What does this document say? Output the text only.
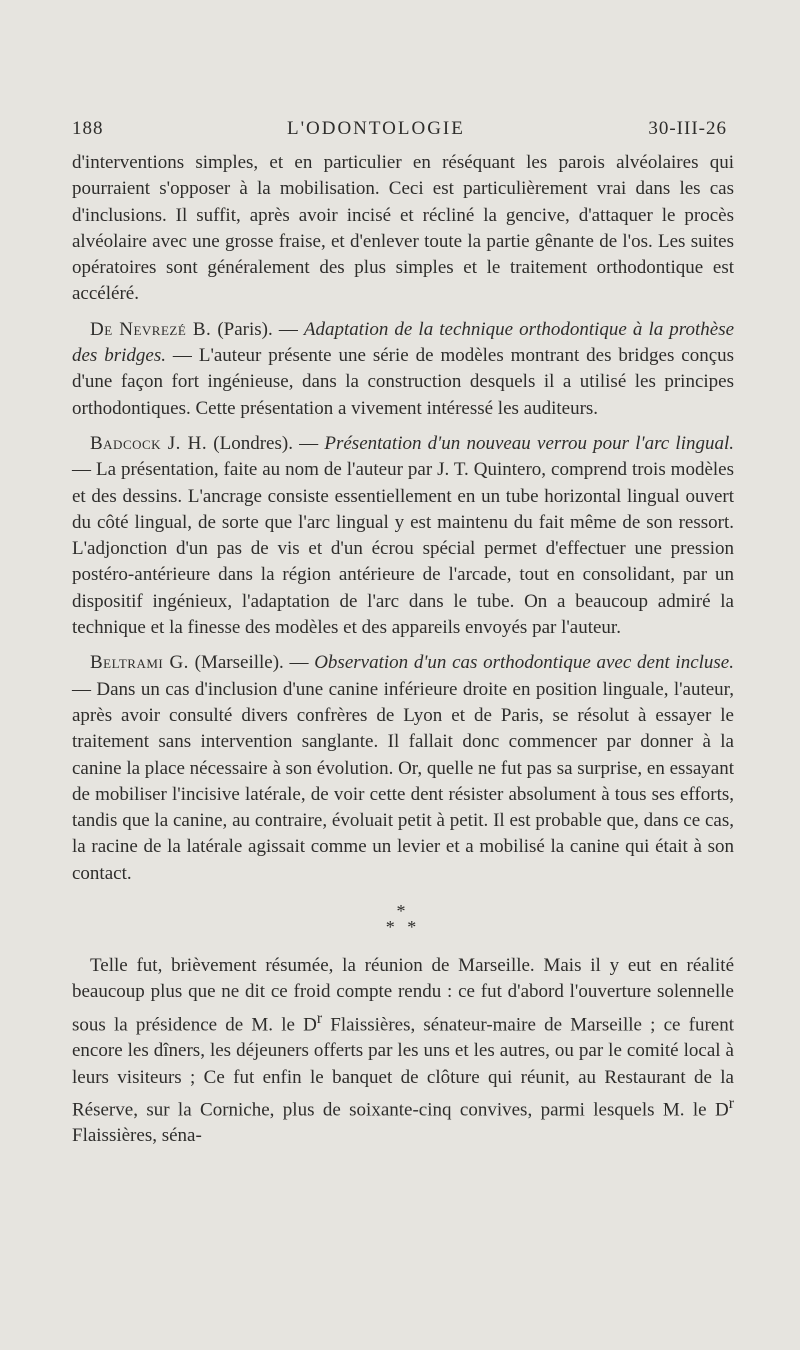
188	L'ODONTOLOGIE	30-III-26

d'interventions simples, et en particulier en réséquant les parois alvéolaires qui pourraient s'opposer à la mobilisation. Ceci est particulièrement vrai dans les cas d'inclusions. Il suffit, après avoir incisé et récliné la gencive, d'attaquer le procès alvéolaire avec une grosse fraise, et d'enlever toute la partie gênante de l'os. Les suites opératoires sont généralement des plus simples et le traitement orthodontique est accéléré.

De Nevrezé B. (Paris). — Adaptation de la technique orthodontique à la prothèse des bridges. — L'auteur présente une série de modèles montrant des bridges conçus d'une façon fort ingénieuse, dans la construction desquels il a utilisé les principes orthodontiques. Cette présentation a vivement intéressé les auditeurs.

Badcock J. H. (Londres). — Présentation d'un nouveau verrou pour l'arc lingual. — La présentation, faite au nom de l'auteur par J. T. Quintero, comprend trois modèles et des dessins. L'ancrage consiste essentiellement en un tube horizontal lingual ouvert du côté lingual, de sorte que l'arc lingual y est maintenu du fait même de son ressort. L'adjonction d'un pas de vis et d'un écrou spécial permet d'effectuer une pression postéro-antérieure dans la région antérieure de l'arcade, tout en consolidant, par un dispositif ingénieux, l'adaptation de l'arc dans le tube. On a beaucoup admiré la technique et la finesse des modèles et des appareils envoyés par l'auteur.

Beltrami G. (Marseille). — Observation d'un cas orthodontique avec dent incluse. — Dans un cas d'inclusion d'une canine inférieure droite en position linguale, l'auteur, après avoir consulté divers confrères de Lyon et de Paris, se résolut à essayer le traitement sans intervention sanglante. Il fallait donc commencer par donner à la canine la place nécessaire à son évolution. Or, quelle ne fut pas sa surprise, en essayant de mobiliser l'incisive latérale, de voir cette dent résister absolument à tous ses efforts, tandis que la canine, au contraire, évoluait petit à petit. Il est probable que, dans ce cas, la racine de la latérale agissait comme un levier et a mobilisé la canine qui était à son contact.

*
* *

Telle fut, brièvement résumée, la réunion de Marseille. Mais il y eut en réalité beaucoup plus que ne dit ce froid compte rendu : ce fut d'abord l'ouverture solennelle sous la présidence de M. le $D^r$ Flaissières, sénateur-maire de Marseille ; ce furent encore les dîners, les déjeuners offerts par les uns et les autres, ou par le comité local à leurs visiteurs ; Ce fut enfin le banquet de clôture qui réunit, au Restaurant de la Réserve, sur la Corniche, plus de soixante-cinq convives, parmi lesquels M. le $D^r$ Flaissières, séna-
